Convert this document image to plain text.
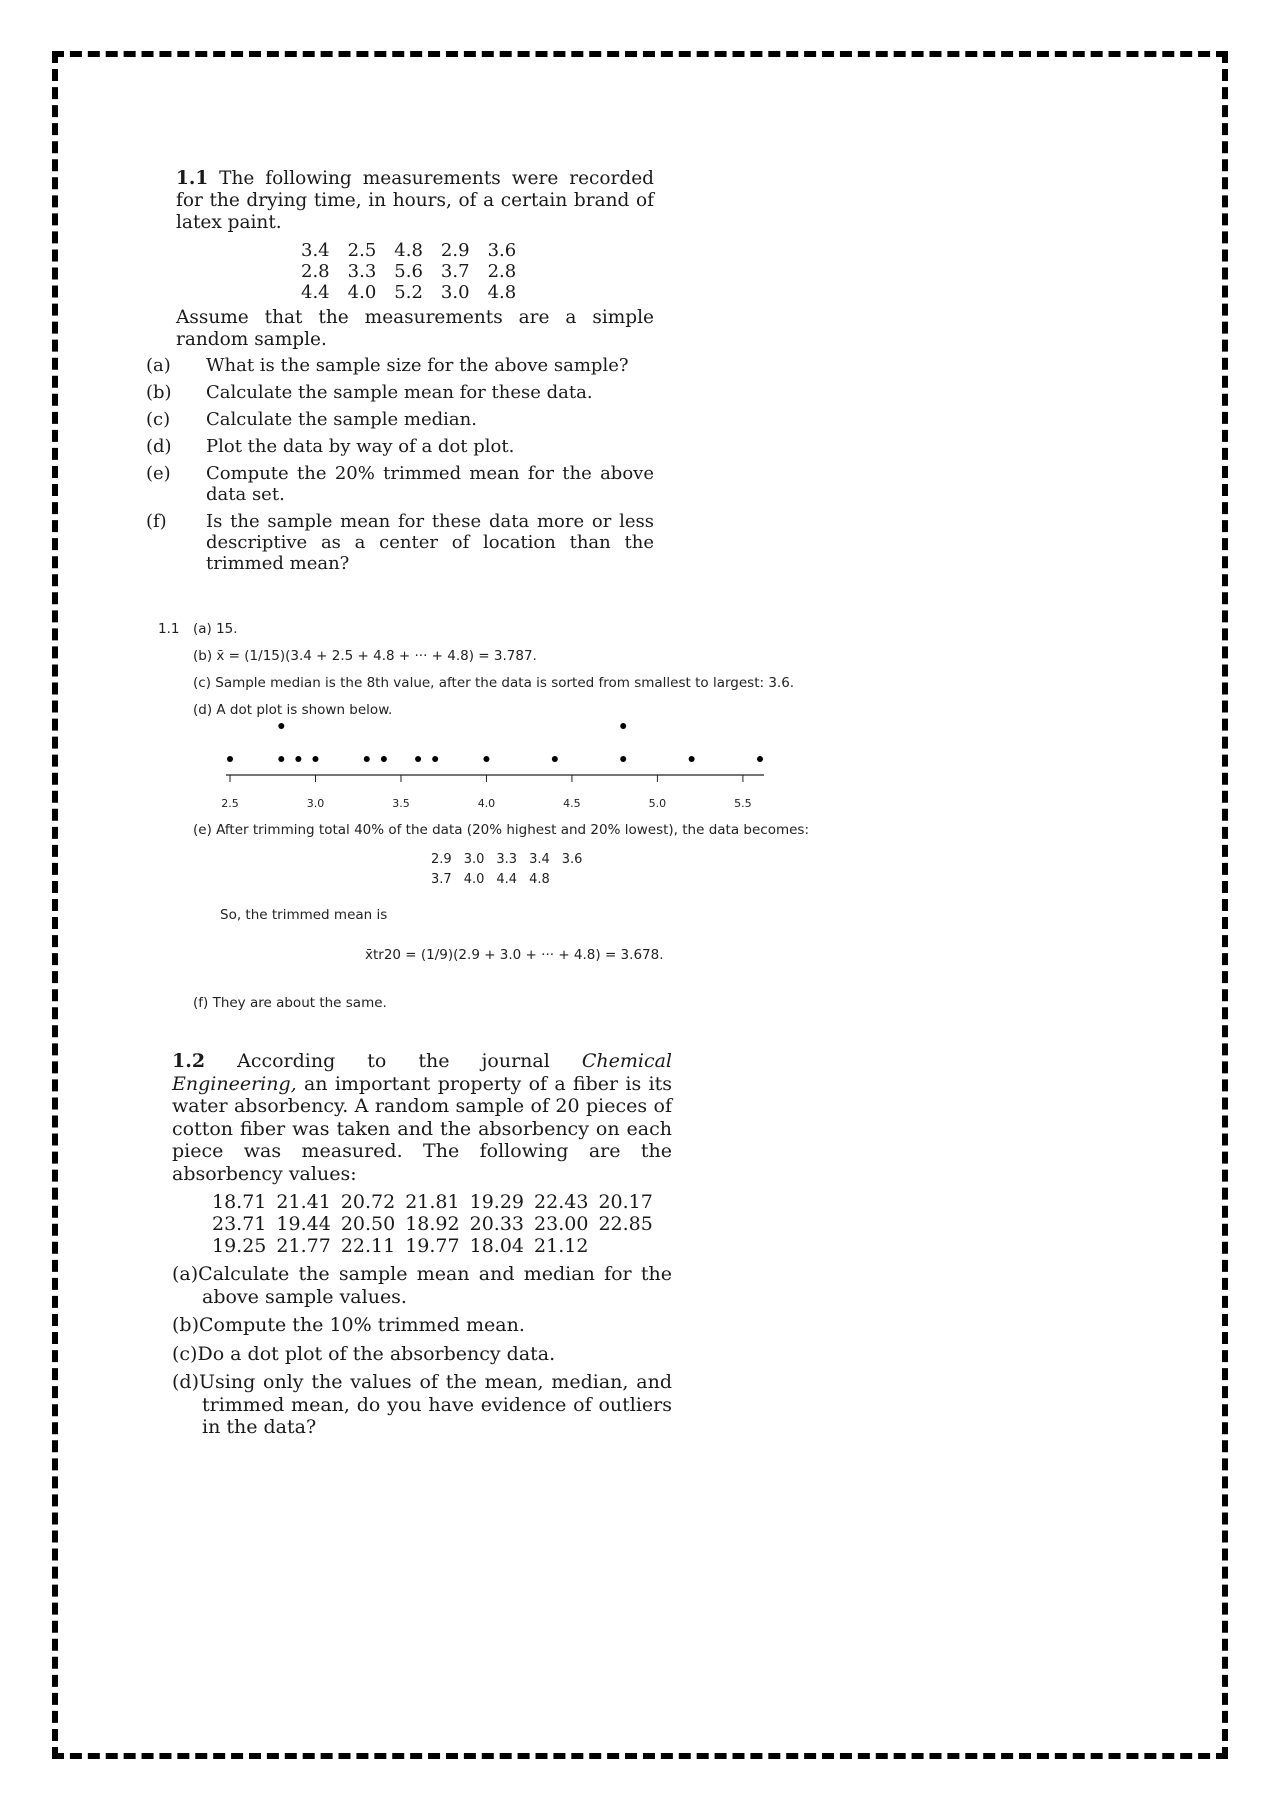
1.1 The following measurements were recorded for the drying time, in hours, of a certain brand of latex paint.

3.4	2.5	4.8	2.9	3.6
2.8	3.3	5.6	3.7	2.8
4.4	4.0	5.2	3.0	4.8

Assume that the measurements are a simple random sample.

(a) What is the sample size for the above sample?

(b) Calculate the sample mean for these data.

(c) Calculate the sample median.

(d) Plot the data by way of a dot plot.

(e) Compute the 20% trimmed mean for the above data set.

(f) Is the sample mean for these data more or less descriptive as a center of location than the trimmed mean?

1.1 (a) 15.
(b) x̄ = (1/15)(3.4 + 2.5 + 4.8 + ··· + 4.8) = 3.787.
(c) Sample median is the 8th value, after the data is sorted from smallest to largest: 3.6.
(d) A dot plot is shown below.
2.5	3.0	3.5	4.0	4.5	5.0	5.5
(e) After trimming total 40% of the data (20% highest and 20% lowest), the data becomes:
2.9	3.0	3.3	3.4	3.6
3.7	4.0	4.4	4.8	
So, the trimmed mean is
x̄tr20 = (1/9)(2.9 + 3.0 + ··· + 4.8) = 3.678.
(f) They are about the same.

1.2 According to the journal Chemical Engineering, an important property of a fiber is its water absorbency. A random sample of 20 pieces of cotton fiber was taken and the absorbency on each piece was measured. The following are the absorbency values:

18.71	21.41	20.72	21.81	19.29	22.43	20.17
23.71	19.44	20.50	18.92	20.33	23.00	22.85
19.25	21.77	22.11	19.77	18.04	21.12	

(a)Calculate the sample mean and median for the above sample values.

(b)Compute the 10% trimmed mean.

(c)Do a dot plot of the absorbency data.

(d)Using only the values of the mean, median, and trimmed mean, do you have evidence of outliers in the data?
